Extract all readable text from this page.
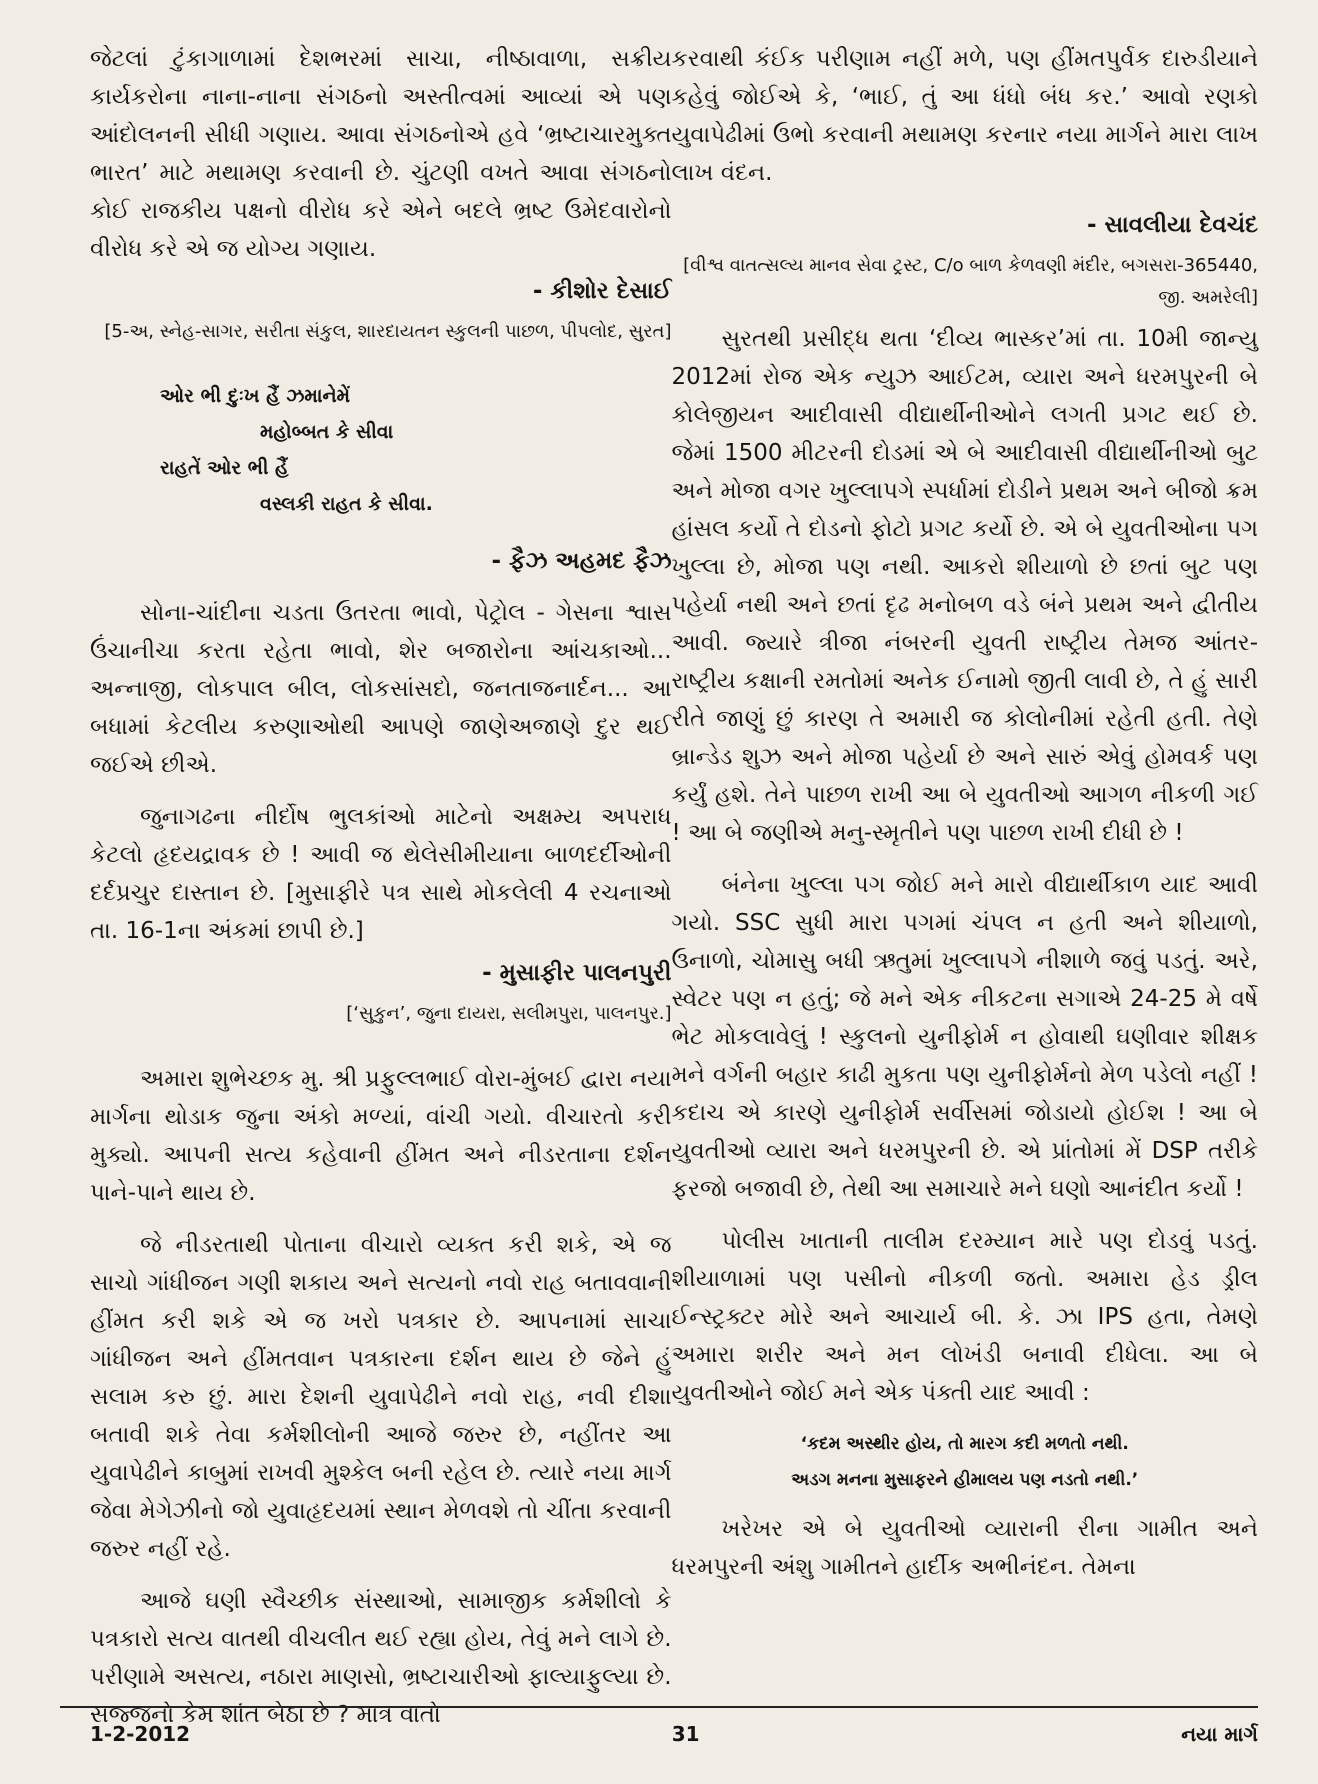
જેટલાં ટુંકાગાળામાં દેશભરમાં સાચા, નીષ્ઠાવાળા, સક્રીય કાર્યકરોના નાના-નાના સંગઠનો અસ્તીત્વમાં આવ્યાં એ પણ આંદોલનની સીધી ગણાય. આવા સંગઠનોએ હવે ‘ભ્રષ્ટાચારમુક્ત ભારત’ માટે મથામણ કરવાની છે. ચુંટણી વખતે આવા સંગઠનો કોઈ રાજકીય પક્ષનો વીરોધ કરે એને બદલે ભ્રષ્ટ ઉમેદવારોનો વીરોધ કરે એ જ યોગ્ય ગણાય.

- કીશોર દેસાઈ
[5-અ, સ્નેહ-સાગર, સરીતા સંકુલ, શારદાયતન સ્કુલની પાછળ, પીપલોદ, સુરત]
ઓર ભી દુઃખ હૈં ઝમાનેમેં
મહોબ્બત કે સીવા
રાહતેં ઓર ભી હૈં
વસ્લકી રાહત કે સીવા.
- ફૈઝ અહમદ ફૈઝ

સોના-ચાંદીના ચડતા ઉતરતા ભાવો, પેટ્રોલ - ગેસના શ્વાસ ઉંચાનીચા કરતા રહેતા ભાવો, શેર બજારોના આંચકાઓ... અન્નાજી, લોકપાલ બીલ, લોકસાંસદો, જનતાજનાર્દન... આ બધામાં કેટલીય કરુણાઓથી આપણે જાણેઅજાણે દુર થઈ જઈએ છીએ.

જુનાગઢના નીર્દોષ ભુલકાંઓ માટેનો અક્ષમ્ય અપરાધ કેટલો હૃદયદ્રાવક છે ! આવી જ થેલેસીમીયાના બાળદર્દીઓની દર્દપ્રચુર દાસ્તાન છે. [મુસાફીરે પત્ર સાથે મોકલેલી 4 રચનાઓ તા. 16-1ના અંકમાં છાપી છે.]

- મુસાફીર પાલનપુરી
[‘સુકુન’, જુના દાયરા, સલીમપુરા, પાલનપુર.]

અમારા શુભેચ્છક મુ. શ્રી પ્રફુલ્લભાઈ વોરા-મુંબઈ દ્વારા નયા માર્ગના થોડાક જુના અંકો મળ્યાં, વાંચી ગયો. વીચારતો કરી મુક્યો. આપની સત્ય કહેવાની હીંમત અને નીડરતાના દર્શન પાને-પાને થાય છે.

જે નીડરતાથી પોતાના વીચારો વ્યક્ત કરી શકે, એ જ સાચો ગાંધીજન ગણી શકાય અને સત્યનો નવો રાહ બતાવવાની હીંમત કરી શકે એ જ ખરો પત્રકાર છે. આપનામાં સાચા ગાંધીજન અને હીંમતવાન પત્રકારના દર્શન થાય છે જેને હું સલામ કરુ છું. મારા દેશની યુવાપેઢીને નવો રાહ, નવી દીશા બતાવી શકે તેવા કર્મશીલોની આજે જરુર છે, નહીંતર આ યુવાપેઢીને કાબુમાં રાખવી મુશ્કેલ બની રહેલ છે. ત્યારે નયા માર્ગ જેવા મેગેઝીનો જો યુવાહૃદયમાં સ્થાન મેળવશે તો ચીંતા કરવાની જરુર નહીં રહે.

આજે ઘણી સ્વૈચ્છીક સંસ્થાઓ, સામાજીક કર્મશીલો કે પત્રકારો સત્ય વાતથી વીચલીત થઈ રહ્યા હોય, તેવું મને લાગે છે. પરીણામે અસત્ય, નઠારા માણસો, ભ્રષ્ટાચારીઓ ફાલ્યાફુલ્યા છે. સજ્જનો કેમ શાંત બેઠા છે ? માત્ર વાતો

કરવાથી કંઈક પરીણામ નહીં મળે, પણ હીંમતપુર્વક દારુડીયાને કહેવું જોઈએ કે, ‘ભાઈ, તું આ ધંધો બંધ કર.’ આવો રણકો યુવાપેઢીમાં ઉભો કરવાની મથામણ કરનાર નયા માર્ગને મારા લાખ લાખ વંદન.

- સાવલીયા દેવચંદ
[વીશ્વ વાતત્સલ્ય માનવ સેવા ટ્રસ્ટ, C/o બાળ કેળવણી મંદીર, બગસરા-365440, જી. અમરેલી]

સુરતથી પ્રસીદ્ધ થતા ‘દીવ્ય ભાસ્કર’માં તા. 10મી જાન્યુ 2012માં રોજ એક ન્યુઝ આઈટમ, વ્યારા અને ધરમપુરની બે કોલેજીયન આદીવાસી વીદ્યાર્થીનીઓને લગતી પ્રગટ થઈ છે. જેમાં 1500 મીટરની દોડમાં એ બે આદીવાસી વીદ્યાર્થીનીઓ બુટ અને મોજા વગર ખુલ્લાપગે સ્પર્ધામાં દોડીને પ્રથમ અને બીજો ક્રમ હાંસલ કર્યો તે દોડનો ફોટો પ્રગટ કર્યો છે. એ બે યુવતીઓના પગ ખુલ્લા છે, મોજા પણ નથી. આકરો શીયાળો છે છતાં બુટ પણ પહેર્યા નથી અને છતાં દૃઢ મનોબળ વડે બંને પ્રથમ અને દ્વીતીય આવી. જ્યારે ત્રીજા નંબરની યુવતી રાષ્ટ્રીય તેમજ આંતર-રાષ્ટ્રીય કક્ષાની રમતોમાં અનેક ઈનામો જીતી લાવી છે, તે હું સારી રીતે જાણું છું કારણ તે અમારી જ કોલોનીમાં રહેતી હતી. તેણે બ્રાન્ડેડ શુઝ અને મોજા પહેર્યા છે અને સારું એવું હોમવર્ક પણ કર્યું હશે. તેને પાછળ રાખી આ બે યુવતીઓ આગળ નીકળી ગઈ ! આ બે જણીએ મનુ-સ્મૃતીને પણ પાછળ રાખી દીધી છે !

બંનેના ખુલ્લા પગ જોઈ મને મારો વીદ્યાર્થીકાળ યાદ આવી ગયો. SSC સુધી મારા પગમાં ચંપલ ન હતી અને શીયાળો, ઉનાળો, ચોમાસુ બધી ઋતુમાં ખુલ્લાપગે નીશાળે જવું પડતું. અરે, સ્વેટર પણ ન હતું; જે મને એક નીકટના સગાએ 24-25 મે વર્ષે ભેટ મોકલાવેલું ! સ્કુલનો યુનીફોર્મ ન હોવાથી ઘણીવાર શીક્ષક મને વર્ગની બહાર કાઢી મુકતા પણ યુનીફોર્મનો મેળ પડેલો નહીં ! કદાચ એ કારણે યુનીફોર્મ સર્વીસમાં જોડાયો હોઈશ ! આ બે યુવતીઓ વ્યારા અને ધરમપુરની છે. એ પ્રાંતોમાં મેં DSP તરીકે ફરજો બજાવી છે, તેથી આ સમાચારે મને ઘણો આનંદીત કર્યો !

પોલીસ ખાતાની તાલીમ દરમ્યાન મારે પણ દોડવું પડતું. શીયાળામાં પણ પસીનો નીકળી જતો. અમારા હેડ ડ્રીલ ઈન્સ્ટ્રક્ટર મોરે અને આચાર્ય બી. કે. ઝા IPS હતા, તેમણે અમારા શરીર અને મન લોખંડી બનાવી દીધેલા. આ બે યુવતીઓને જોઈ મને એક પંક્તી યાદ આવી :

‘કદમ અસ્થીર હોય, તો મારગ કદી મળતો નથી.
અડગ મનના મુસાફરને હીમાલય પણ નડતો નથી.’

ખરેખર એ બે યુવતીઓ વ્યારાની રીના ગામીત અને ધરમપુરની અંશુ ગામીતને હાર્દીક અભીનંદન. તેમના

1-2-2012	31	નયા માર્ગ
